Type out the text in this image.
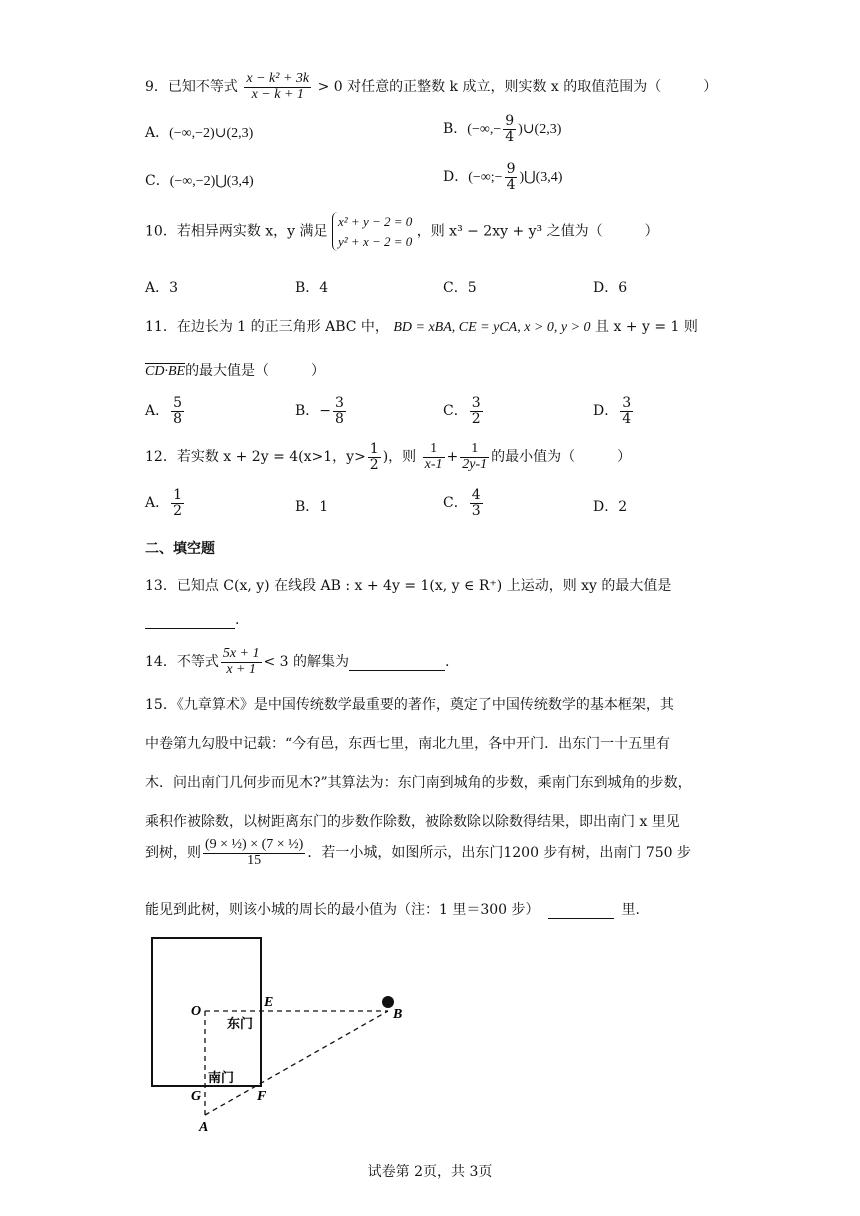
9．已知不等式 $\frac{\text{x − k² + 3k}}{x - k + 1} > 0$ 对任意的正整数 k 成立，则实数 x 的取值范围为（　　　）
A．(−∞,−2)∪(2,3)	B．(−∞,− $\frac{9}{4}$ )∪(2,3)
C．(−∞,−2)⋃(3,4)	D．(−∞;− $\frac{9}{4}$ )⋃(3,4)
10．若相异两实数 x，y 满足
x² + y − 2 = 0
y² + x − 2 = 0
，则 x³ − 2xy + y³ 之值为（　　　）
A．3	B．4	C．5	D．6
11．在边长为 1 的正三角形 ABC 中， BD = xBA, CE = yCA, x > 0, y > 0 且 x + y = 1 则
CD·BE的最大值是（　　　）
A． $\frac{5}{8}$	B．− $\frac{3}{8}$	C． $\frac{3}{2}$	D． $\frac{3}{4}$
12．若实数 x + 2y = 4(x>1，$y> \frac{1}{2}$ )，则 $\frac{1}{x-1} + \frac{1}{2y-1}$ 的最小值为（　　　）
A． $\frac{1}{2}$	B．1	C． $\frac{4}{3}$	D．2
二、填空题
13．已知点 C(x, y) 在线段 AB : x + 4y = 1(x, y ∈ R⁺) 上运动，则 xy 的最大值是
.
14．不等式 $\frac{5x + 1}{x + 1} < 3$ 的解集为	.
15．《九章算术》是中国传统数学最重要的著作，奠定了中国传统数学的基本框架，其
中卷第九勾股中记载：“今有邑，东西七里，南北九里，各中开门．出东门一十五里有
木．问出南门几何步而见木?”其算法为：东门南到城角的步数，乘南门东到城角的步数，
乘积作被除数，以树距离东门的步数作除数，被除数除以除数得结果，即出南门 x 里见
到树，则 $\frac{\text{(9 × ½) × (7 × ½)}}{15}$ ．若一小城，如图所示，出东门1200 步有树，出南门 750 步
能见到此树，则该小城的周长的最小值为（注：1 里＝300 步）	里.
O
E
B
东门
南门
G	F
A
试卷第 2页，共 3页
